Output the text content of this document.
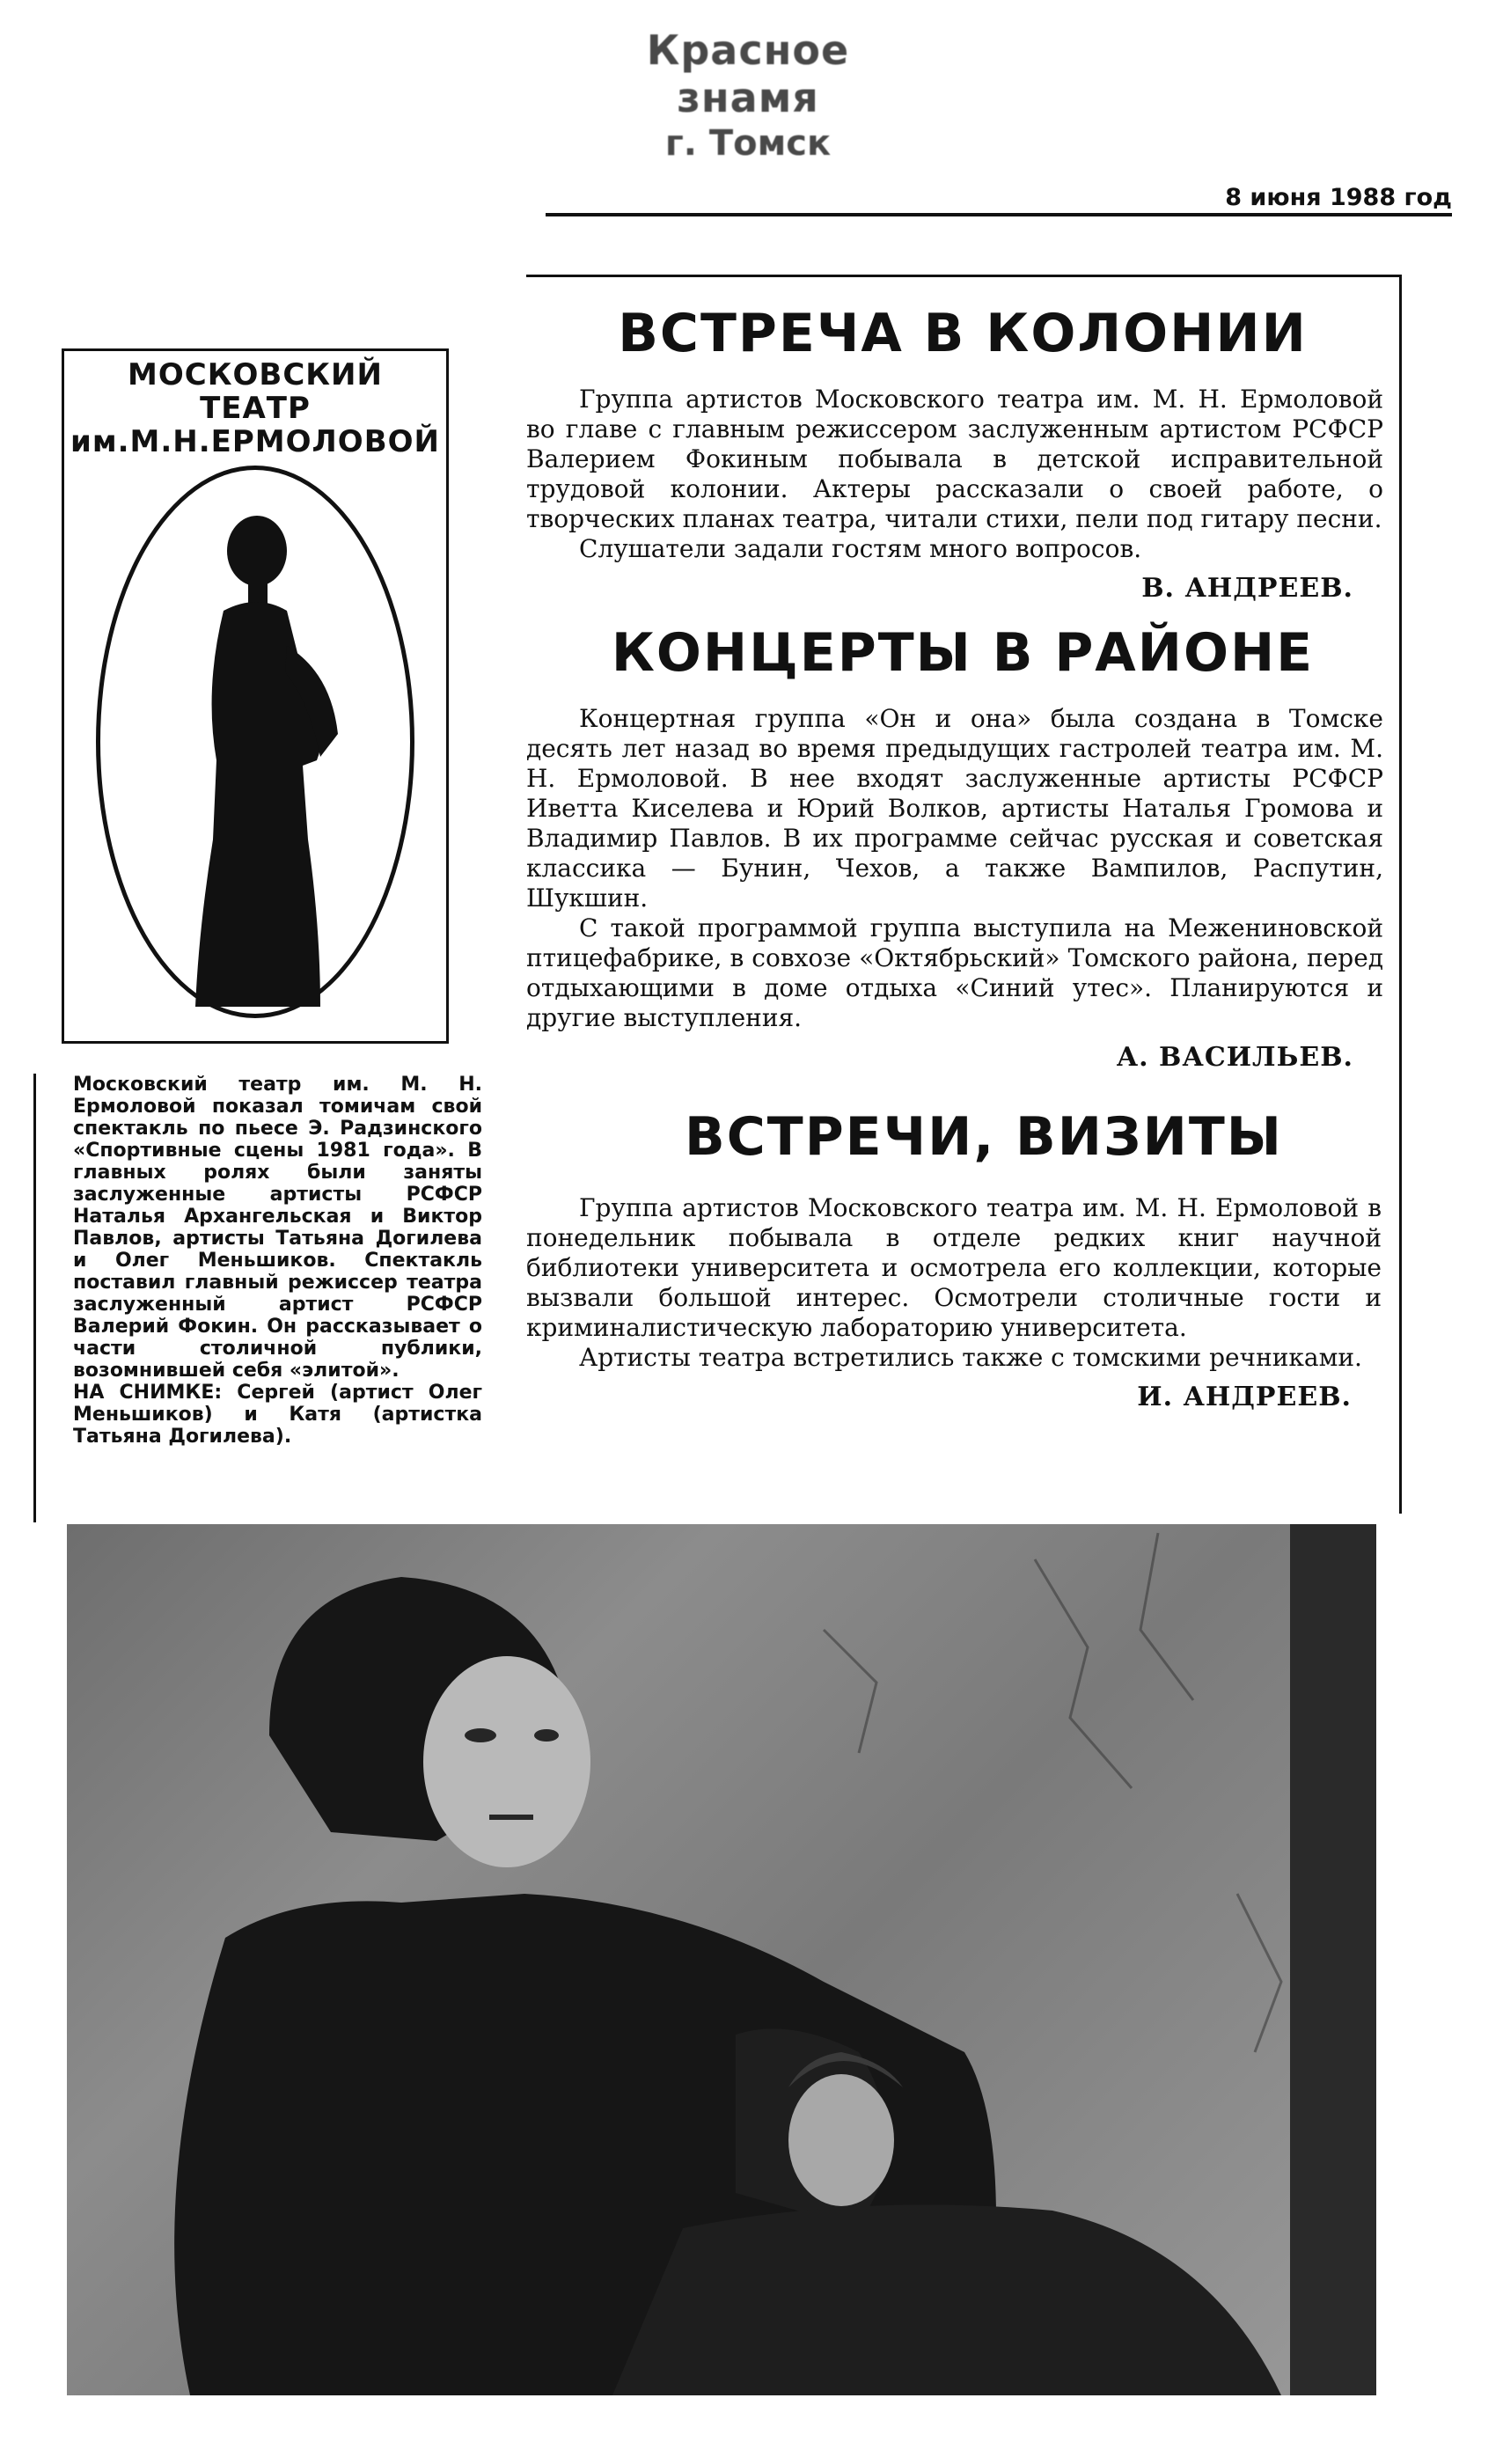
Красное знамя
г. Томск
8 июня 1988 год
МОСКОВСКИЙ
ТЕАТР
им.М.Н.ЕРМОЛОВОЙ

Московский театр им. М. Н. Ермоловой показал томичам свой спектакль по пьесе Э. Радзинского «Спортивные сцены 1981 года». В главных ролях были заняты заслуженные артисты РСФСР Наталья Архангельская и Виктор Павлов, артисты Татьяна Догилева и Олег Меньшиков. Спектакль поставил главный режиссер театра заслуженный артист РСФСР Валерий Фокин. Он рассказывает о части столичной публики, возомнившей себя «элитой».

НА СНИМКЕ: Сергей (артист Олег Меньшиков) и Катя (артистка Татьяна Догилева).

ВСТРЕЧА В КОЛОНИИ

Группа артистов Московского театра им. М. Н. Ермоловой во главе с главным режиссером заслуженным артистом РСФСР Валерием Фокиным побывала в детской исправительной трудовой колонии. Актеры рассказали о своей работе, о творческих планах театра, читали стихи, пели под гитару песни.

Слушатели задали гостям много вопросов.

В. АНДРЕЕВ.
КОНЦЕРТЫ В РАЙОНЕ

Концертная группа «Он и она» была создана в Томске десять лет назад во время предыдущих гастролей театра им. М. Н. Ермоловой. В нее входят заслуженные артисты РСФСР Иветта Киселева и Юрий Волков, артисты Наталья Громова и Владимир Павлов. В их программе сейчас русская и советская классика — Бунин, Чехов, а также Вампилов, Распутин, Шукшин.

С такой программой группа выступила на Межениновской птицефабрике, в совхозе «Октябрьский» Томского района, перед отдыхающими в доме отдыха «Синий утес». Планируются и другие выступления.

А. ВАСИЛЬЕВ.
ВСТРЕЧИ, ВИЗИТЫ

Группа артистов Московского театра им. М. Н. Ермоловой в понедельник побывала в отделе редких книг научной библиотеки университета и осмотрела его коллекции, которые вызвали большой интерес. Осмотрели столичные гости и криминалистическую лабораторию университета.

Артисты театра встретились также с томскими речниками.

И. АНДРЕЕВ.
